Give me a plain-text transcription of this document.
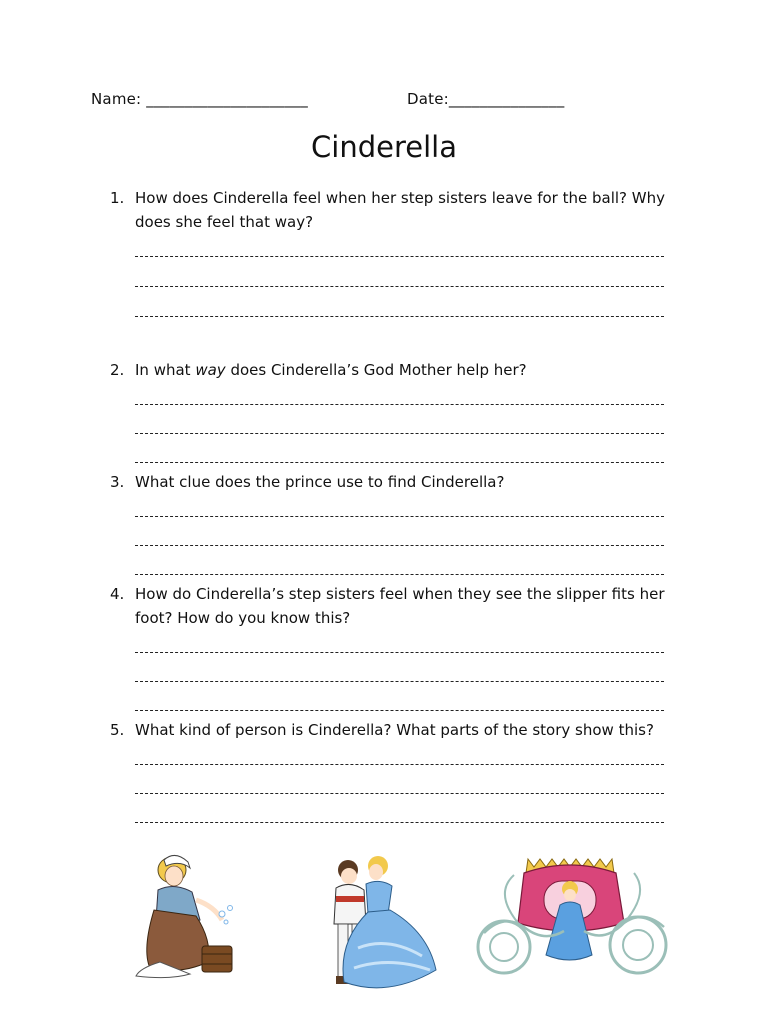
Name: _____________________	Date:_______________
Cinderella
1. How does Cinderella feel when her step sisters leave for the ball? Why does she feel that way?
2. In what way does Cinderella’s God Mother help her?
3. What clue does the prince use to find Cinderella?
4. How do Cinderella’s step sisters feel when they see the slipper fits her foot? How do you know this?
5. What kind of person is Cinderella? What parts of the story show this?
